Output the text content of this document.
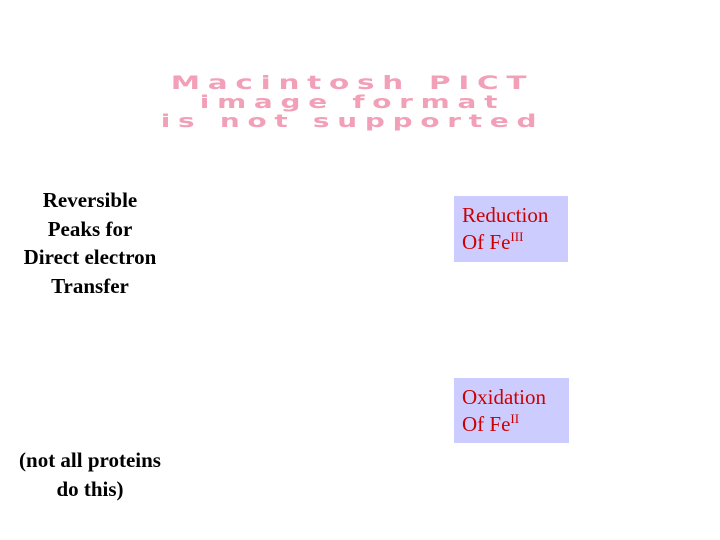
Macintosh PICT
image format
is not supported
Reversible
Peaks for
Direct electron
Transfer
(not all proteins
do this)
Reduction
Of $Fe^{III}$
Oxidation
Of $Fe^{II}$
